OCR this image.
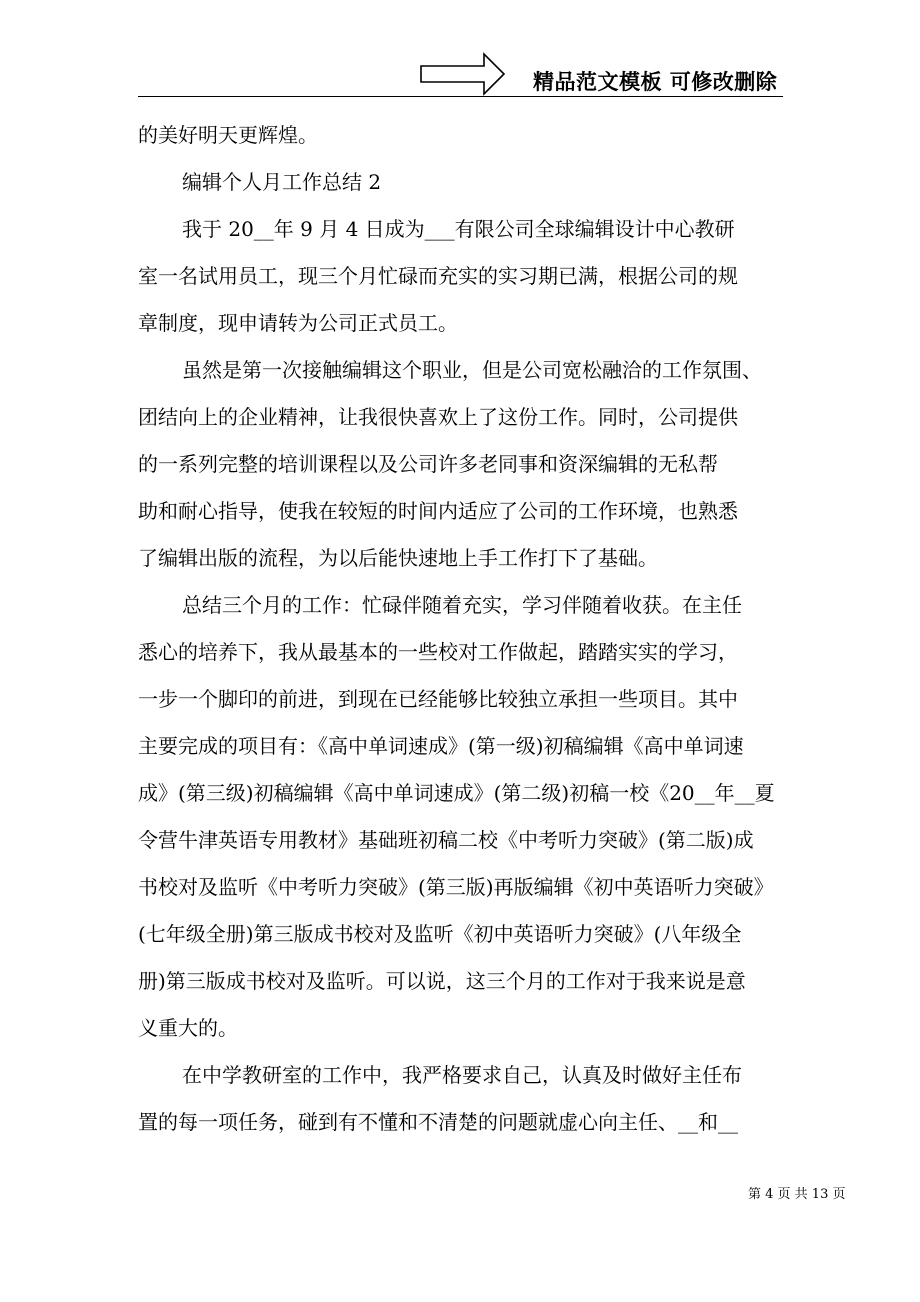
精品范文模板 可修改删除
的美好明天更辉煌。
编辑个人月工作总结 2
我于 20__年 9 月 4 日成为___有限公司全球编辑设计中心教研
室一名试用员工，现三个月忙碌而充实的实习期已满，根据公司的规
章制度，现申请转为公司正式员工。
虽然是第一次接触编辑这个职业，但是公司宽松融洽的工作氛围、
团结向上的企业精神，让我很快喜欢上了这份工作。同时，公司提供
的一系列完整的培训课程以及公司许多老同事和资深编辑的无私帮
助和耐心指导，使我在较短的时间内适应了公司的工作环境，也熟悉
了编辑出版的流程，为以后能快速地上手工作打下了基础。
总结三个月的工作：忙碌伴随着充实，学习伴随着收获。在主任
悉心的培养下，我从最基本的一些校对工作做起，踏踏实实的学习，
一步一个脚印的前进，到现在已经能够比较独立承担一些项目。其中
主要完成的项目有：《高中单词速成》(第一级)初稿编辑《高中单词速
成》(第三级)初稿编辑《高中单词速成》(第二级)初稿一校《20__年__夏
令营牛津英语专用教材》基础班初稿二校《中考听力突破》(第二版)成
书校对及监听《中考听力突破》(第三版)再版编辑《初中英语听力突破》
(七年级全册)第三版成书校对及监听《初中英语听力突破》(八年级全
册)第三版成书校对及监听。可以说，这三个月的工作对于我来说是意
义重大的。
在中学教研室的工作中，我严格要求自己，认真及时做好主任布
置的每一项任务，碰到有不懂和不清楚的问题就虚心向主任、__和__
第 4 页 共 13 页
